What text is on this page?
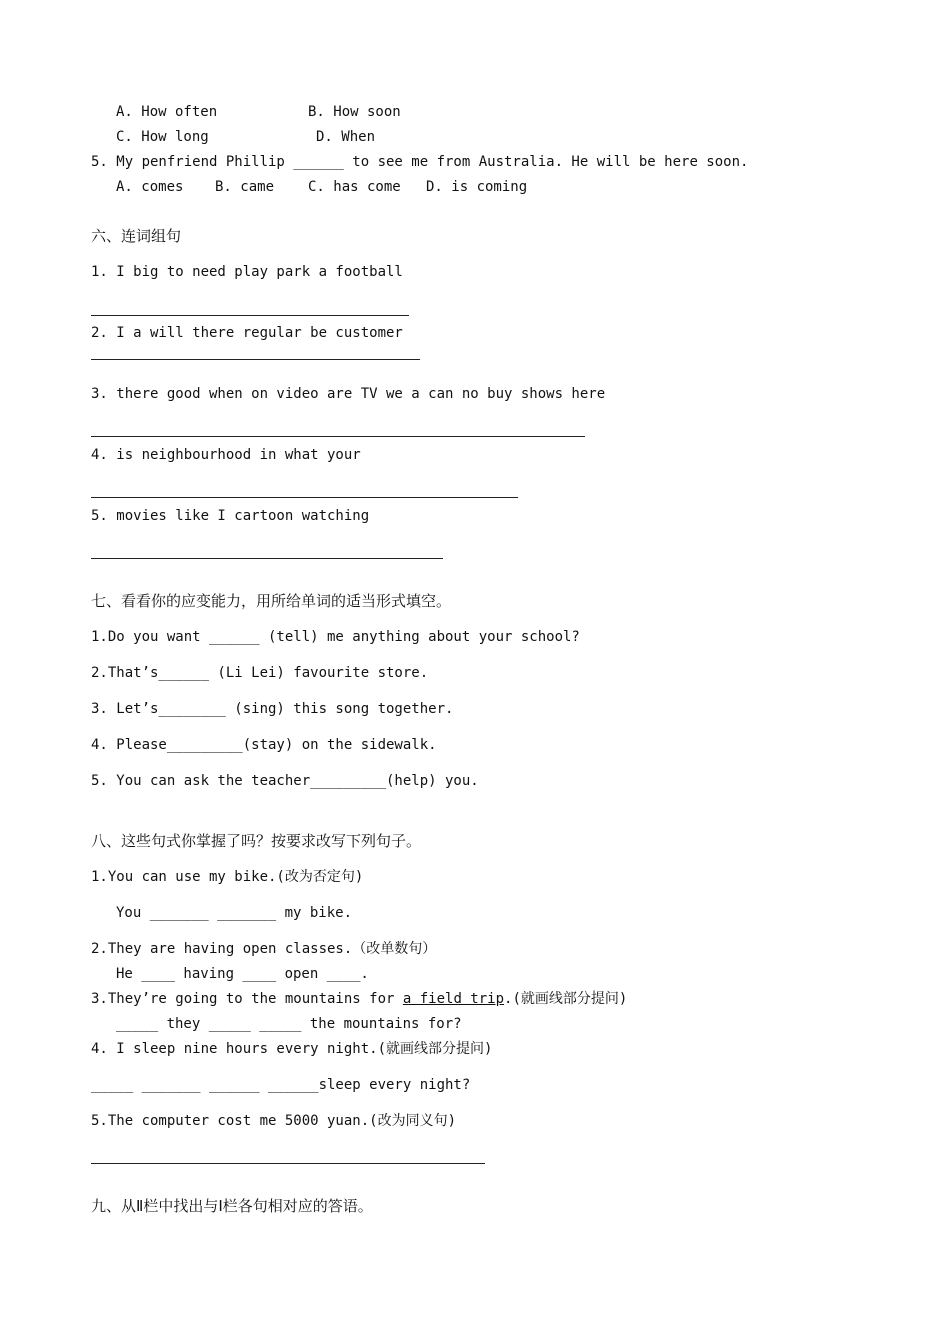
A. How often	B. How soon
C. How long	D. When
5. My penfriend Phillip ______ to see me from Australia. He will be here soon.
A. comes B. came C. has come D. is coming
六、连词组句
1. I big to need play park a football
2. I a will there regular be customer
3. there good when on video are TV we a can no buy shows here
4. is neighbourhood in what your
5. movies like I cartoon watching
七、看看你的应变能力，用所给单词的适当形式填空。
1.Do you want ______ (tell) me anything about your school?
2.That’s______ (Li Lei) favourite store.
3. Let’s________ (sing) this song together.
4. Please_________(stay) on the sidewalk.
5. You can ask the teacher_________(help) you.
八、这些句式你掌握了吗？按要求改写下列句子。
1.You can use my bike.(改为否定句)
You _______ _______ my bike.
2.They are having open classes.（改单数句）
He ____ having ____ open ____.
3.They’re going to the mountains for a field trip.(就画线部分提问)
_____ they _____ _____ the mountains for?
4. I sleep nine hours every night.(就画线部分提问)
_____ _______ ______ ______sleep every night?
5.The computer cost me 5000 yuan.(改为同义句)
九、从Ⅱ栏中找出与Ⅰ栏各句相对应的答语。
